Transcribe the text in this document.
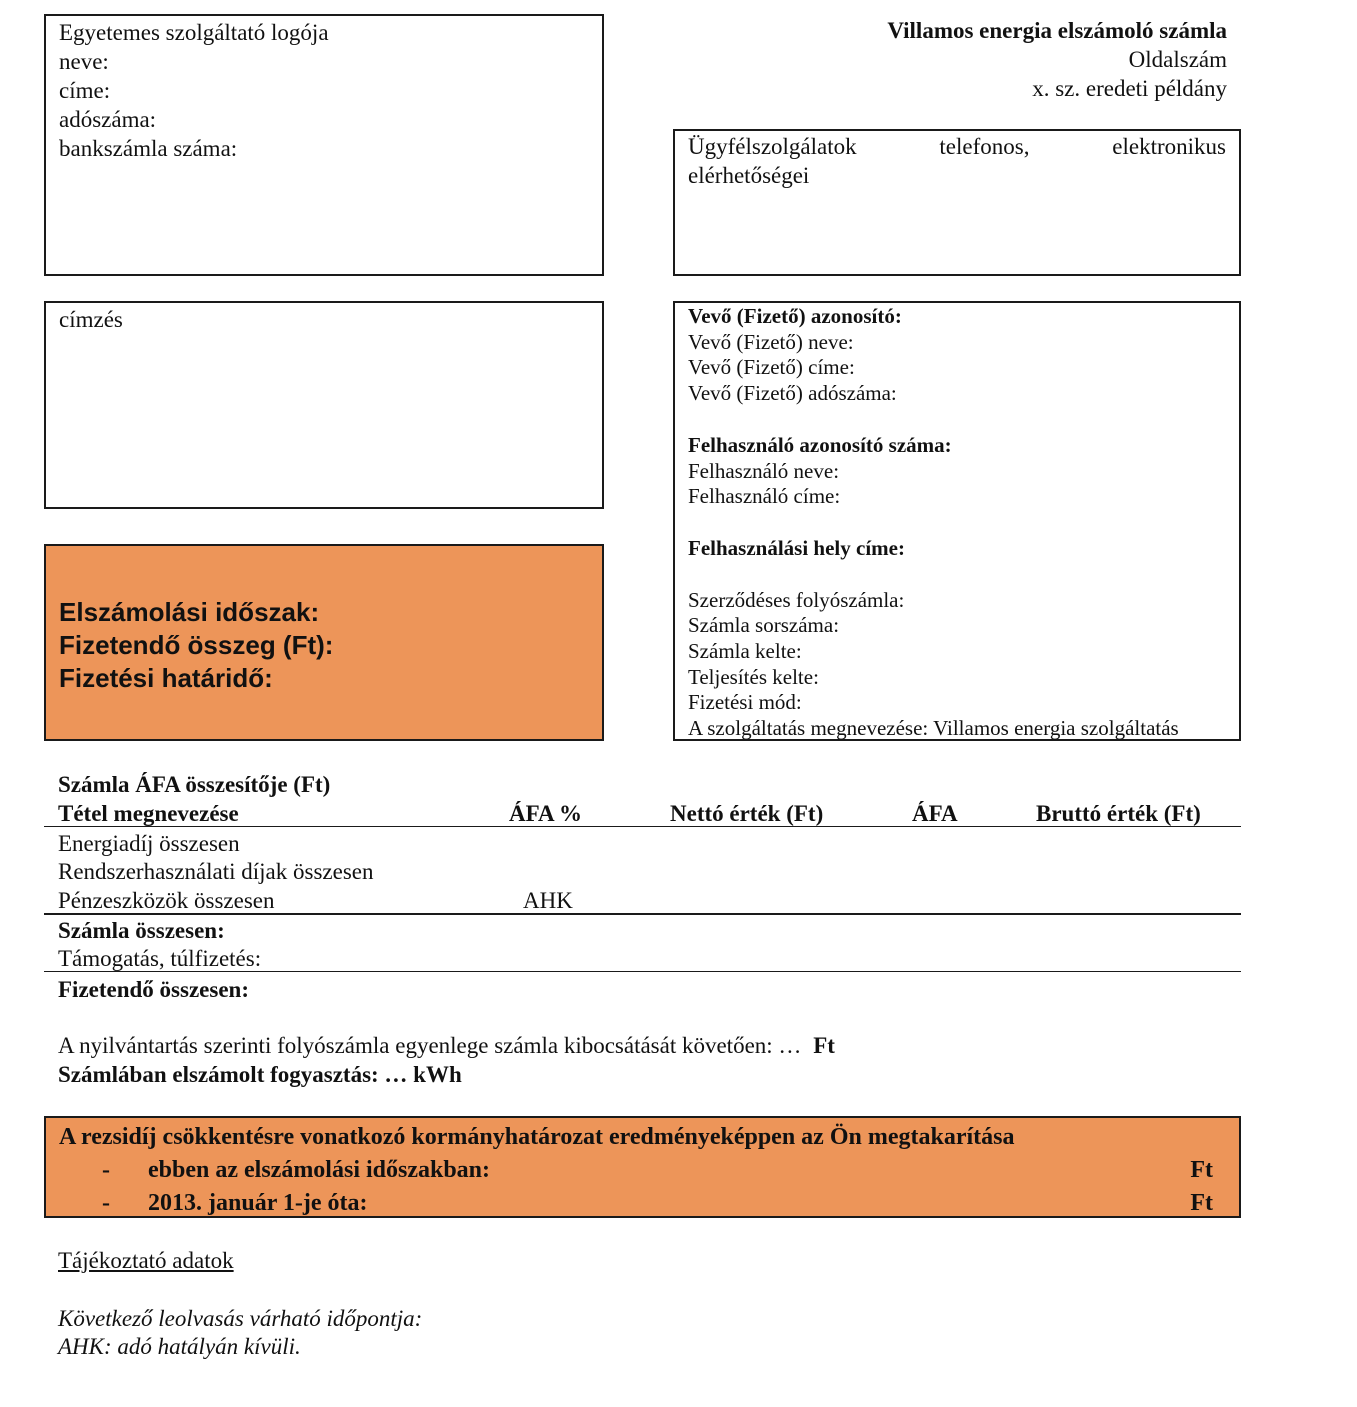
Egyetemes szolgáltató logója
neve:
címe:
adószáma:
bankszámla száma:
Villamos energia elszámoló számla
Oldalszám
x. sz. eredeti példány
Ügyfélszolgálatok	telefonos,	elektronikus
elérhetőségei
címzés
Elszámolási időszak:
Fizetendő összeg (Ft):
Fizetési határidő:
Vevő (Fizető) azonosító:
Vevő (Fizető) neve:
Vevő (Fizető) címe:
Vevő (Fizető) adószáma:
Felhasználó azonosító száma:
Felhasználó neve:
Felhasználó címe:
Felhasználási hely címe:
Szerződéses folyószámla:
Számla sorszáma:
Számla kelte:
Teljesítés kelte:
Fizetési mód:
A szolgáltatás megnevezése: Villamos energia szolgáltatás
Számla ÁFA összesítője (Ft)
Tétel megnevezése	ÁFA %	Nettó érték (Ft)	ÁFA	Bruttó érték (Ft)
Energiadíj összesen
Rendszerhasználati díjak összesen
Pénzeszközök összesen	AHK
Számla összesen:
Támogatás, túlfizetés:
Fizetendő összesen:
A nyilvántartás szerinti folyószámla egyenlege számla kibocsátását követően: … Ft
Számlában elszámolt fogyasztás: … kWh
A rezsidíj csökkentésre vonatkozó kormányhatározat eredményeképpen az Ön megtakarítása
-	ebben az elszámolási időszakban:	Ft
-	2013. január 1-je óta:	Ft
Tájékoztató adatok
Következő leolvasás várható időpontja:
AHK: adó hatályán kívüli.
